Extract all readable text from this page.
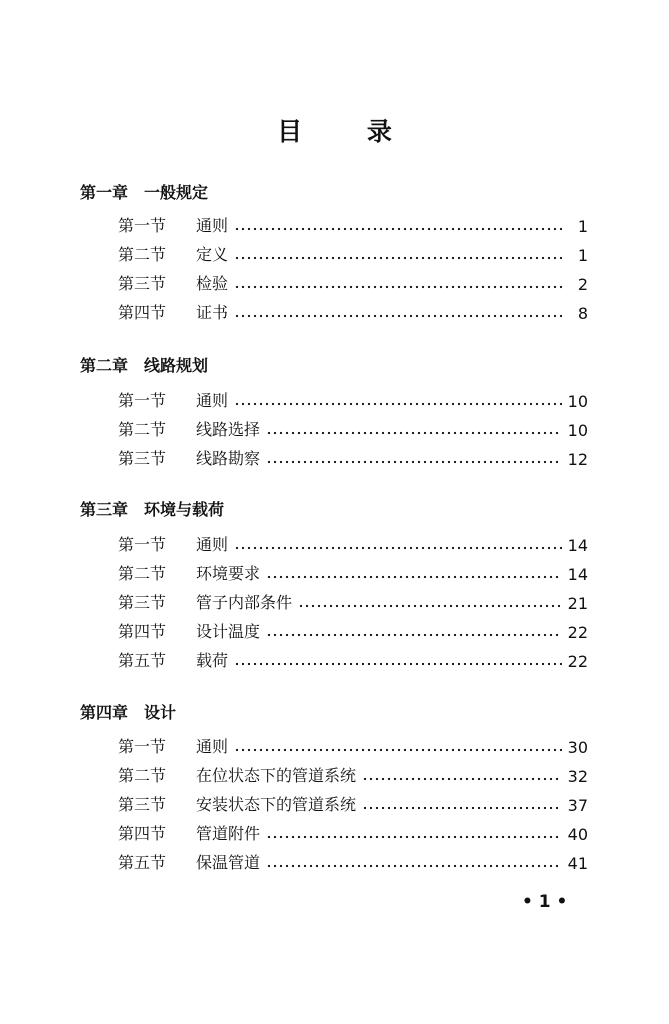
目 录
第一章 一般规定
第一节	通则	1
第二节	定义	1
第三节	检验	2
第四节	证书	8
第二章 线路规划
第一节	通则	10
第二节	线路选择	10
第三节	线路勘察	12
第三章 环境与载荷
第一节	通则	14
第二节	环境要求	14
第三节	管子内部条件	21
第四节	设计温度	22
第五节	载荷	22
第四章 设计
第一节	通则	30
第二节	在位状态下的管道系统	32
第三节	安装状态下的管道系统	37
第四节	管道附件	40
第五节	保温管道	41
• 1 •
